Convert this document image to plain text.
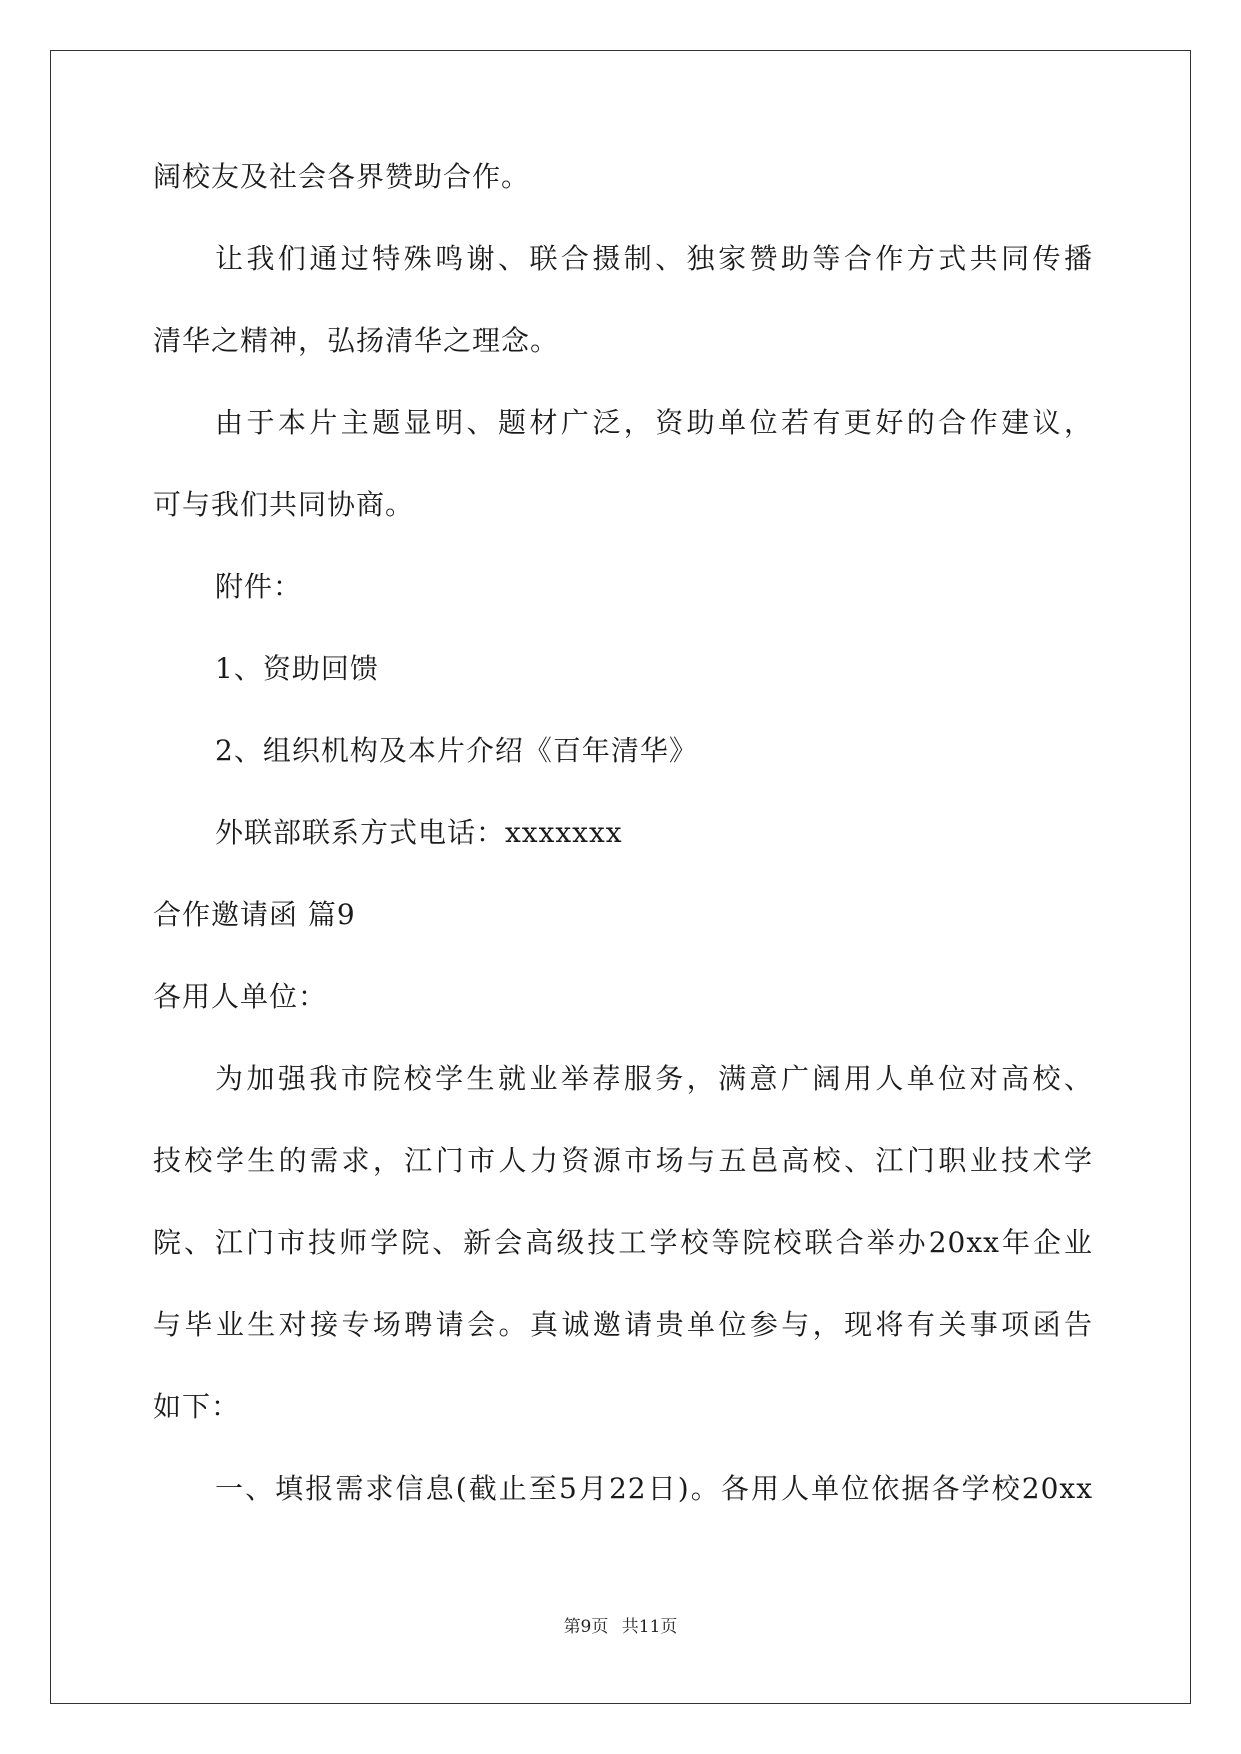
阔校友及社会各界赞助合作。
让我们通过特殊鸣谢、联合摄制、独家赞助等合作方式共同传播
清华之精神，弘扬清华之理念。
由于本片主题显明、题材广泛，资助单位若有更好的合作建议，
可与我们共同协商。
附件：
1、资助回馈
2、组织机构及本片介绍《百年清华》
外联部联系方式电话：xxxxxxx
合作邀请函 篇9
各用人单位：
为加强我市院校学生就业举荐服务，满意广阔用人单位对高校、
技校学生的需求，江门市人力资源市场与五邑高校、江门职业技术学
院、江门市技师学院、新会高级技工学校等院校联合举办20xx年企业
与毕业生对接专场聘请会。真诚邀请贵单位参与，现将有关事项函告
如下：
一、填报需求信息(截止至5月22日)。各用人单位依据各学校20xx
第9页 共11页
